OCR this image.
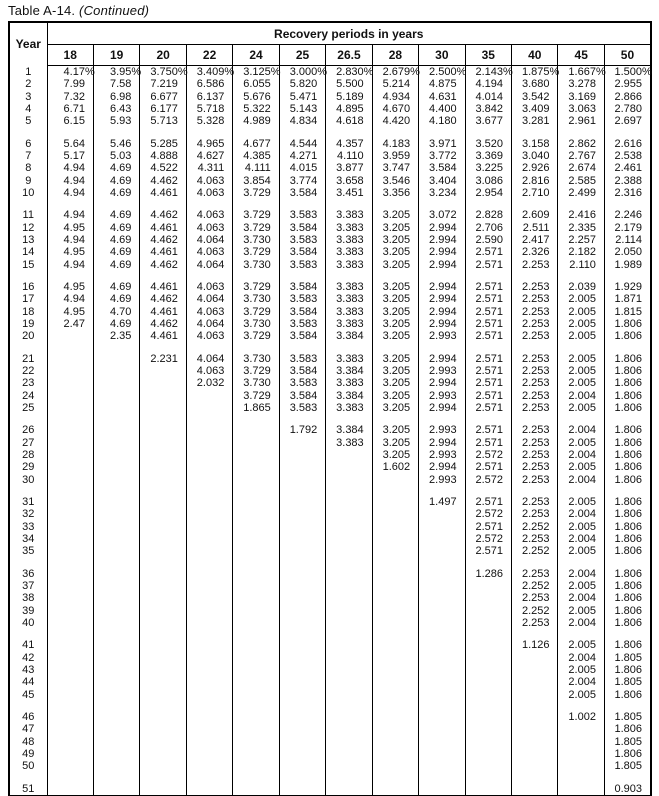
Table A-14. (Continued)
Year	Recovery periods in years												
	18	19	20	22	24	25	26.5	28	30	35	40	45	50
1	4.17%	3.95%	3.750%	3.409%	3.125%	3.000%	2.830%	2.679%	2.500%	2.143%	1.875%	1.667%	1.500%
2	7.99	7.58	7.219	6.586	6.055	5.820	5.500	5.214	4.875	4.194	3.680	3.278	2.955
3	7.32	6.98	6.677	6.137	5.676	5.471	5.189	4.934	4.631	4.014	3.542	3.169	2.866
4	6.71	6.43	6.177	5.718	5.322	5.143	4.895	4.670	4.400	3.842	3.409	3.063	2.780
5	6.15	5.93	5.713	5.328	4.989	4.834	4.618	4.420	4.180	3.677	3.281	2.961	2.697

6	5.64	5.46	5.285	4.965	4.677	4.544	4.357	4.183	3.971	3.520	3.158	2.862	2.616
7	5.17	5.03	4.888	4.627	4.385	4.271	4.110	3.959	3.772	3.369	3.040	2.767	2.538
8	4.94	4.69	4.522	4.311	4.111	4.015	3.877	3.747	3.584	3.225	2.926	2.674	2.461
9	4.94	4.69	4.462	4.063	3.854	3.774	3.658	3.546	3.404	3.086	2.816	2.585	2.388
10	4.94	4.69	4.461	4.063	3.729	3.584	3.451	3.356	3.234	2.954	2.710	2.499	2.316

11	4.94	4.69	4.462	4.063	3.729	3.583	3.383	3.205	3.072	2.828	2.609	2.416	2.246
12	4.95	4.69	4.461	4.063	3.729	3.584	3.383	3.205	2.994	2.706	2.511	2.335	2.179
13	4.94	4.69	4.462	4.064	3.730	3.583	3.383	3.205	2.994	2.590	2.417	2.257	2.114
14	4.95	4.69	4.461	4.063	3.729	3.584	3.383	3.205	2.994	2.571	2.326	2.182	2.050
15	4.94	4.69	4.462	4.064	3.730	3.583	3.383	3.205	2.994	2.571	2.253	2.110	1.989

16	4.95	4.69	4.461	4.063	3.729	3.584	3.383	3.205	2.994	2.571	2.253	2.039	1.929
17	4.94	4.69	4.462	4.064	3.730	3.583	3.383	3.205	2.994	2.571	2.253	2.005	1.871
18	4.95	4.70	4.461	4.063	3.729	3.584	3.383	3.205	2.994	2.571	2.253	2.005	1.815
19	2.47	4.69	4.462	4.064	3.730	3.583	3.383	3.205	2.994	2.571	2.253	2.005	1.806
20		2.35	4.461	4.063	3.729	3.584	3.384	3.205	2.993	2.571	2.253	2.005	1.806

21			2.231	4.064	3.730	3.583	3.383	3.205	2.994	2.571	2.253	2.005	1.806
22				4.063	3.729	3.584	3.384	3.205	2.993	2.571	2.253	2.005	1.806
23				2.032	3.730	3.583	3.383	3.205	2.994	2.571	2.253	2.005	1.806
24					3.729	3.584	3.384	3.205	2.993	2.571	2.253	2.004	1.806
25					1.865	3.583	3.383	3.205	2.994	2.571	2.253	2.005	1.806

26						1.792	3.384	3.205	2.993	2.571	2.253	2.004	1.806
27							3.383	3.205	2.994	2.571	2.253	2.005	1.806
28								3.205	2.993	2.572	2.253	2.004	1.806
29								1.602	2.994	2.571	2.253	2.005	1.806
30									2.993	2.572	2.253	2.004	1.806

31									1.497	2.571	2.253	2.005	1.806
32										2.572	2.253	2.004	1.806
33										2.571	2.252	2.005	1.806
34										2.572	2.253	2.004	1.806
35										2.571	2.252	2.005	1.806

36										1.286	2.253	2.004	1.806
37											2.252	2.005	1.806
38											2.253	2.004	1.806
39											2.252	2.005	1.806
40											2.253	2.004	1.806

41											1.126	2.005	1.806
42												2.004	1.805
43												2.005	1.806
44												2.004	1.805
45												2.005	1.806

46												1.002	1.805
47													1.806
48													1.805
49													1.806
50													1.805

51													0.903
